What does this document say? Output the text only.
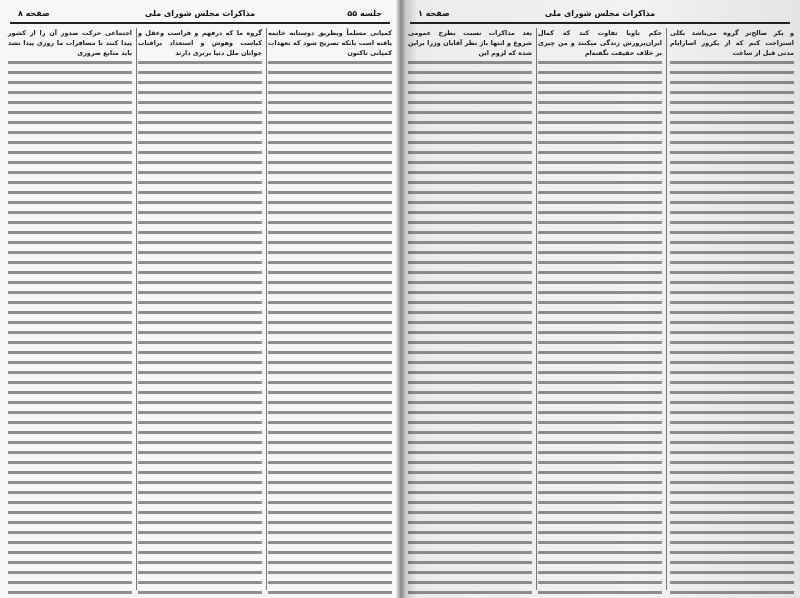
جلسه ۵۵
مذاکرات مجلس شورای ملی
صفحه ۸
کمپانی مسلماً وبطریق دوستانه خاتمه یافته است بانکه تصریح شود که تعهدات کمپانی تاکنون
گروه ما که درفهم و فراست وعقل و کیاست وهوش و استعداد برافتاب جوانان ملل دنیا برتری دارند
اجتماعی حرکت صدور آن را از کشور پیدا کنند تا مسافرات ما روزی پیدا نشد باید منابع ضروری
مذاکرات مجلس شورای ملی
صفحه ۱
و بکر صالح‌تر گروه می‌باشد بکلی استراحت کنم که از بکروز اسارایام مدتی قبل از ساعت
حکم تاوبا تفاوت کند که کمال ایران‌پرورش زندگی میکنند و من چیزی بر خلاف حقیقت نگفته‌ام
بعد مذاکرات نسبت بطرح عمومی شروع و انتها باز نظر آقایان وزرا براین شده که لزوم این
